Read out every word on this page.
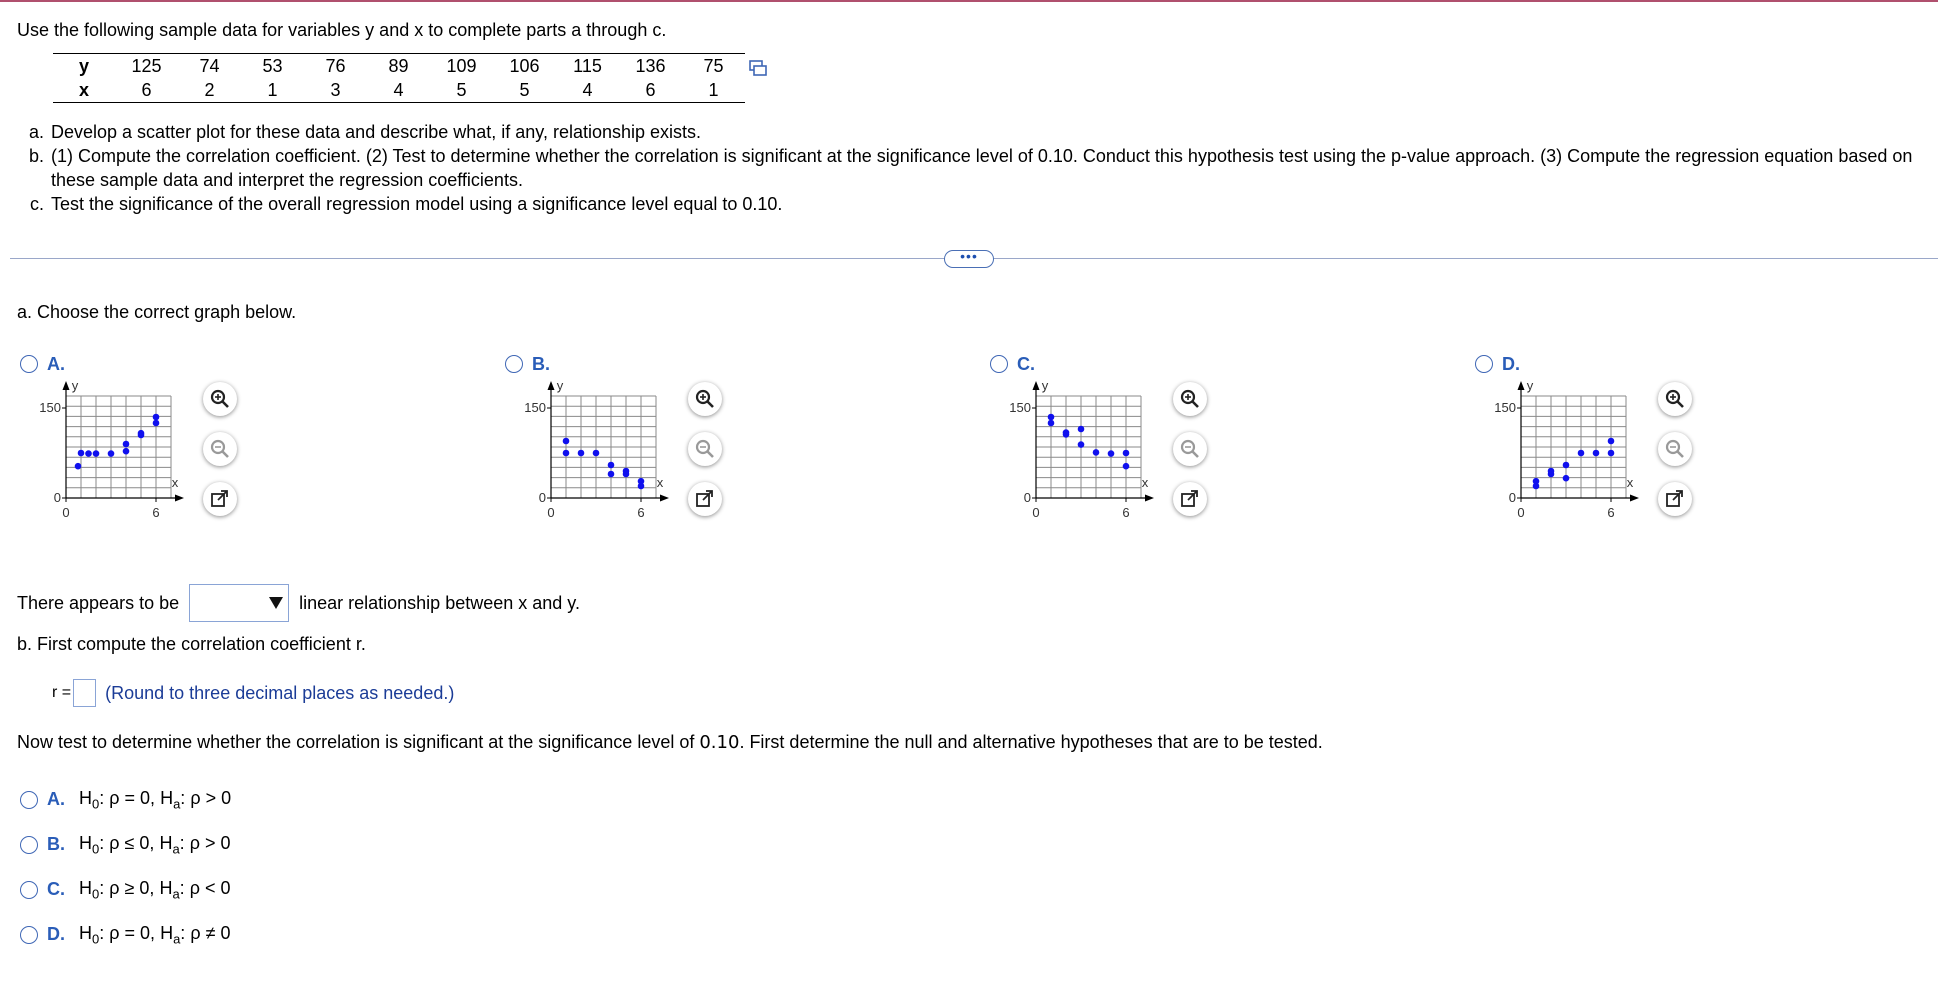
Use the following sample data for variables y and x to complete parts a through c.
y	125	74	53	76	89	109	106	115	136	75
x	6	2	1	3	4	5	5	4	6	1
a. Develop a scatter plot for these data and describe what, if any, relationship exists.
b. (1) Compute the correlation coefficient. (2) Test to determine whether the correlation is significant at the significance level of 0.10. Conduct this hypothesis test using the p-value approach. (3) Compute the regression equation based on these sample data and interpret the regression coefficients.
c. Test the significance of the overall regression model using a significance level equal to 0.10.
•••
a. Choose the correct graph below.
A.
150
0
0	6
x
y
B.
150
0
0	6
x
y
C.
150
0
0	6
x
y
D.
150
0
0	6
x
y
There appears to be	linear relationship between x and y.
b. First compute the correlation coefficient r.
r = (Round to three decimal places as needed.)
Now test to determine whether the correlation is significant at the significance level of 0.10. First determine the null and alternative hypotheses that are to be tested.
A. $H_0$: ρ = 0, $H_a$: ρ > 0
B. $H_0$: ρ ≤ 0, $H_a$: ρ > 0
C. $H_0$: ρ ≥ 0, $H_a$: ρ < 0
D. $H_0$: ρ = 0, $H_a$: ρ ≠ 0
